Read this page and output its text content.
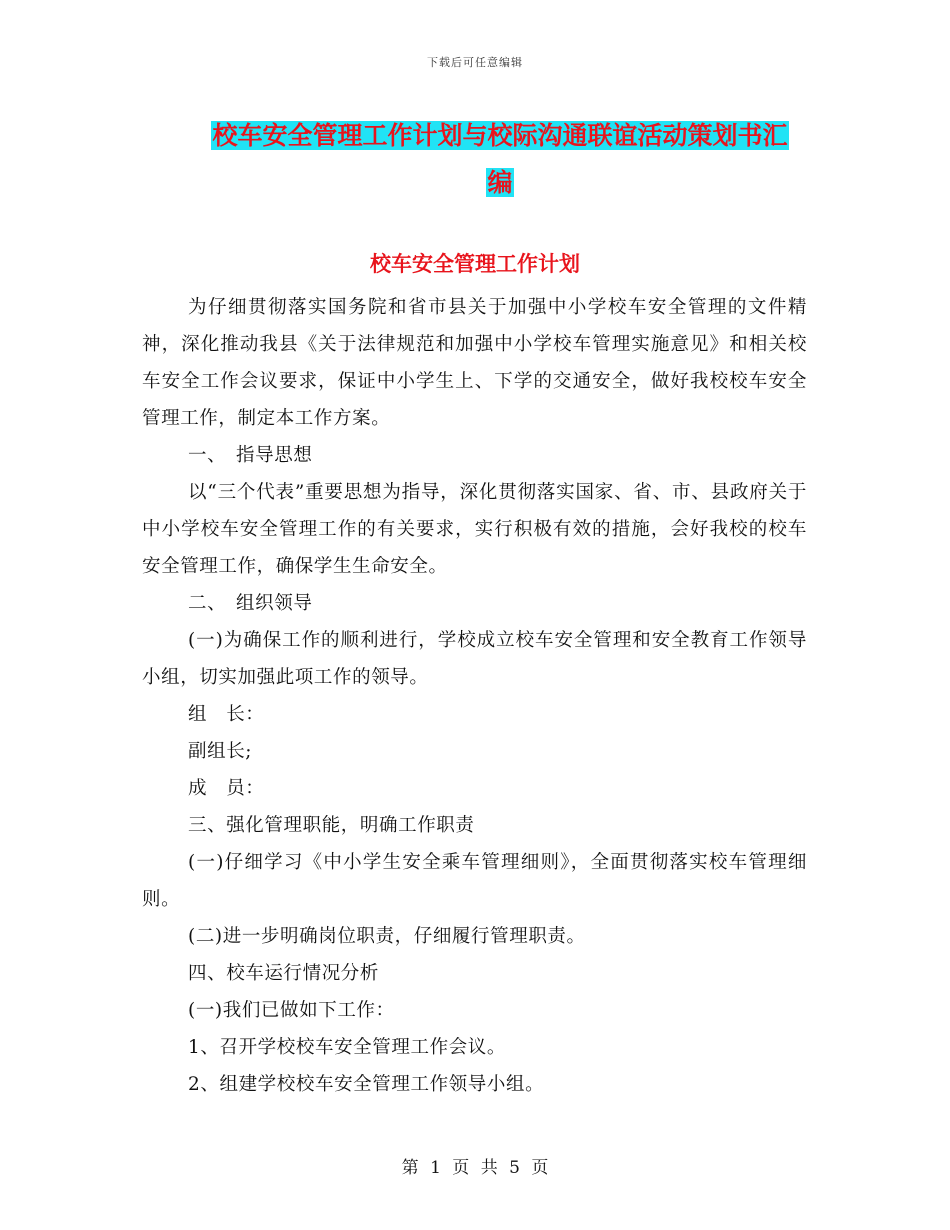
下载后可任意编辑
校车安全管理工作计划与校际沟通联谊活动策划书汇
编
校车安全管理工作计划

为仔细贯彻落实国务院和省市县关于加强中小学校车安全管理的文件精神，深化推动我县《关于法律规范和加强中小学校车管理实施意见》和相关校车安全工作会议要求，保证中小学生上、下学的交通安全，做好我校校车安全管理工作，制定本工作方案。

一、　指导思想

以“三个代表”重要思想为指导，深化贯彻落实国家、省、市、县政府关于中小学校车安全管理工作的有关要求，实行积极有效的措施，会好我校的校车安全管理工作，确保学生生命安全。

二、　组织领导

(一)为确保工作的顺利进行，学校成立校车安全管理和安全教育工作领导小组，切实加强此项工作的领导。

组　长：

副组长;

成　员：

三、强化管理职能，明确工作职责

(一)仔细学习《中小学生安全乘车管理细则》，全面贯彻落实校车管理细则。

(二)进一步明确岗位职责，仔细履行管理职责。

四、校车运行情况分析

(一)我们已做如下工作：

1、召开学校校车安全管理工作会议。

2、组建学校校车安全管理工作领导小组。

第 1 页 共 5 页
